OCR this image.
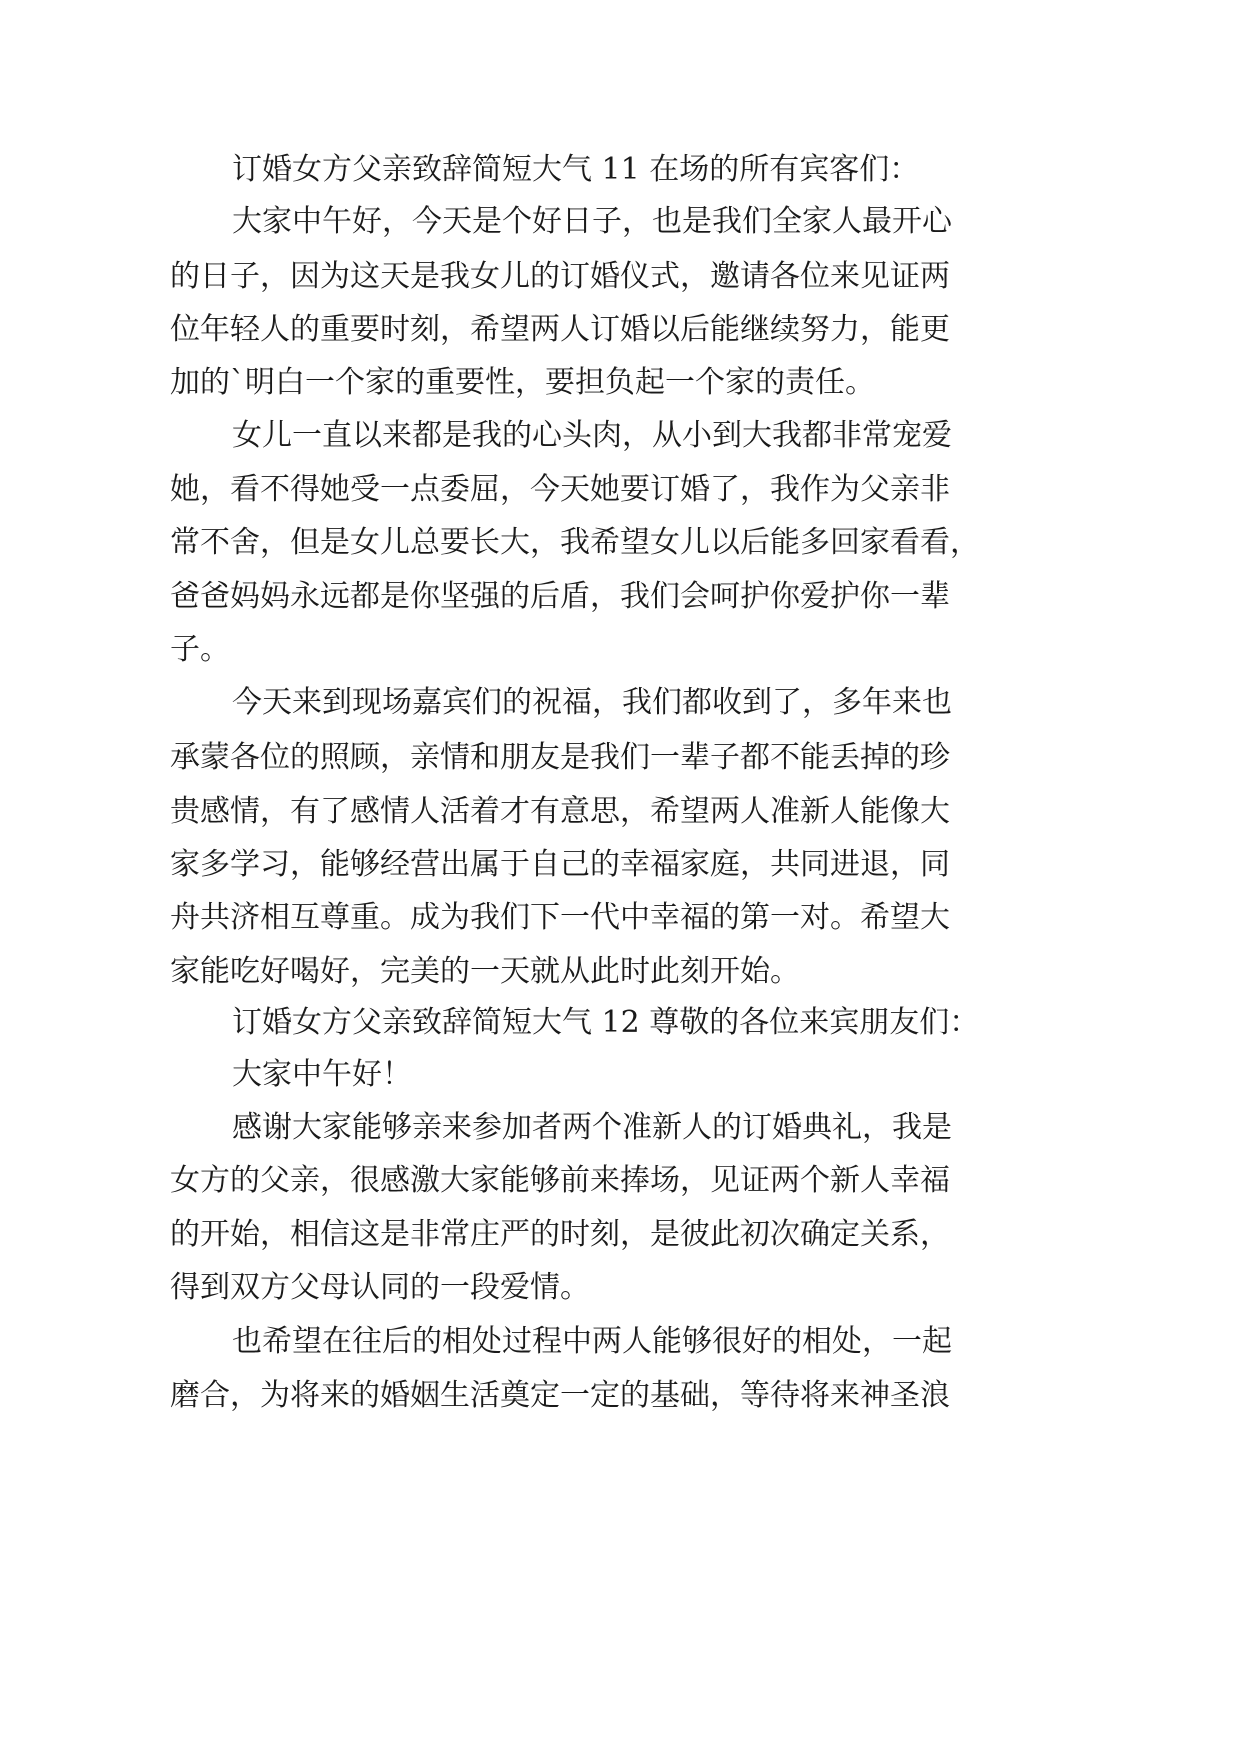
订婚女方父亲致辞简短大气 11 在场的所有宾客们：
大家中午好，今天是个好日子，也是我们全家人最开心
的日子，因为这天是我女儿的订婚仪式，邀请各位来见证两
位年轻人的重要时刻，希望两人订婚以后能继续努力，能更
加的`明白一个家的重要性，要担负起一个家的责任。
女儿一直以来都是我的心头肉，从小到大我都非常宠爱
她，看不得她受一点委屈，今天她要订婚了，我作为父亲非
常不舍，但是女儿总要长大，我希望女儿以后能多回家看看，
爸爸妈妈永远都是你坚强的后盾，我们会呵护你爱护你一辈
子。
今天来到现场嘉宾们的祝福，我们都收到了，多年来也
承蒙各位的照顾，亲情和朋友是我们一辈子都不能丢掉的珍
贵感情，有了感情人活着才有意思，希望两人准新人能像大
家多学习，能够经营出属于自己的幸福家庭，共同进退，同
舟共济相互尊重。成为我们下一代中幸福的第一对。希望大
家能吃好喝好，完美的一天就从此时此刻开始。
订婚女方父亲致辞简短大气 12 尊敬的各位来宾朋友们：
大家中午好！
感谢大家能够亲来参加者两个准新人的订婚典礼，我是
女方的父亲，很感激大家能够前来捧场，见证两个新人幸福
的开始，相信这是非常庄严的时刻，是彼此初次确定关系，
得到双方父母认同的一段爱情。
也希望在往后的相处过程中两人能够很好的相处，一起
磨合，为将来的婚姻生活奠定一定的基础，等待将来神圣浪
